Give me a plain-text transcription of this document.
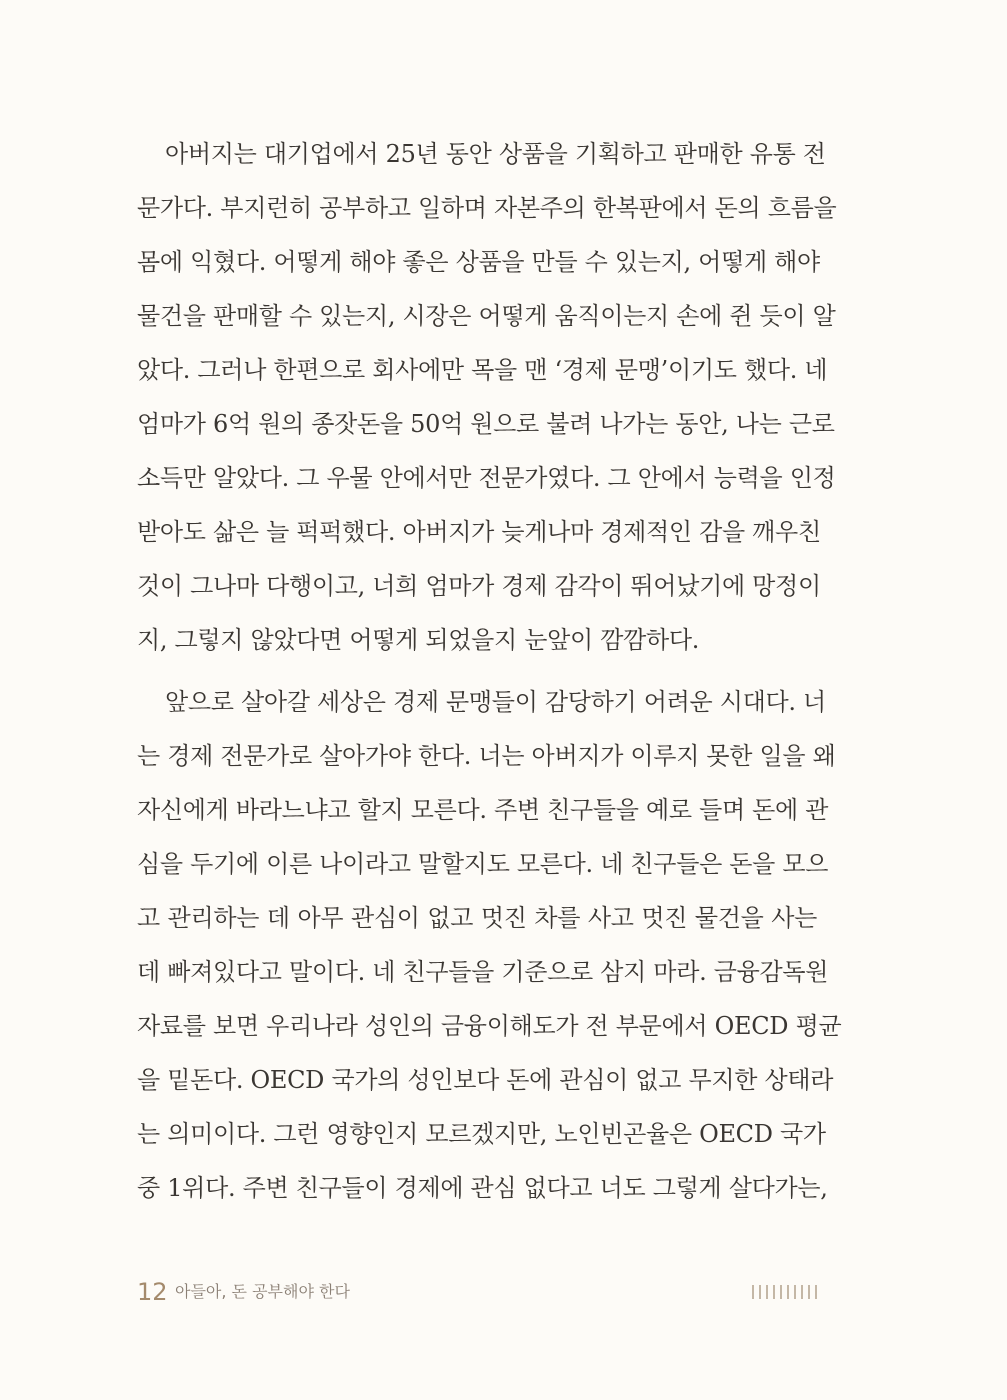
아버지는 대기업에서 25년 동안 상품을 기획하고 판매한 유통 전
문가다. 부지런히 공부하고 일하며 자본주의 한복판에서 돈의 흐름을
몸에 익혔다. 어떻게 해야 좋은 상품을 만들 수 있는지, 어떻게 해야
물건을 판매할 수 있는지, 시장은 어떻게 움직이는지 손에 쥔 듯이 알
았다. 그러나 한편으로 회사에만 목을 맨 ‘경제 문맹’이기도 했다. 네
엄마가 6억 원의 종잣돈을 50억 원으로 불려 나가는 동안, 나는 근로
소득만 알았다. 그 우물 안에서만 전문가였다. 그 안에서 능력을 인정
받아도 삶은 늘 퍽퍽했다. 아버지가 늦게나마 경제적인 감을 깨우친
것이 그나마 다행이고, 너희 엄마가 경제 감각이 뛰어났기에 망정이
지, 그렇지 않았다면 어떻게 되었을지 눈앞이 깜깜하다.
앞으로 살아갈 세상은 경제 문맹들이 감당하기 어려운 시대다. 너
는 경제 전문가로 살아가야 한다. 너는 아버지가 이루지 못한 일을 왜
자신에게 바라느냐고 할지 모른다. 주변 친구들을 예로 들며 돈에 관
심을 두기에 이른 나이라고 말할지도 모른다. 네 친구들은 돈을 모으
고 관리하는 데 아무 관심이 없고 멋진 차를 사고 멋진 물건을 사는
데 빠져있다고 말이다. 네 친구들을 기준으로 삼지 마라. 금융감독원
자료를 보면 우리나라 성인의 금융이해도가 전 부문에서 OECD 평균
을 밑돈다. OECD 국가의 성인보다 돈에 관심이 없고 무지한 상태라
는 의미이다. 그런 영향인지 모르겠지만, 노인빈곤율은 OECD 국가
중 1위다. 주변 친구들이 경제에 관심 없다고 너도 그렇게 살다가는,
12 아들아, 돈 공부해야 한다
